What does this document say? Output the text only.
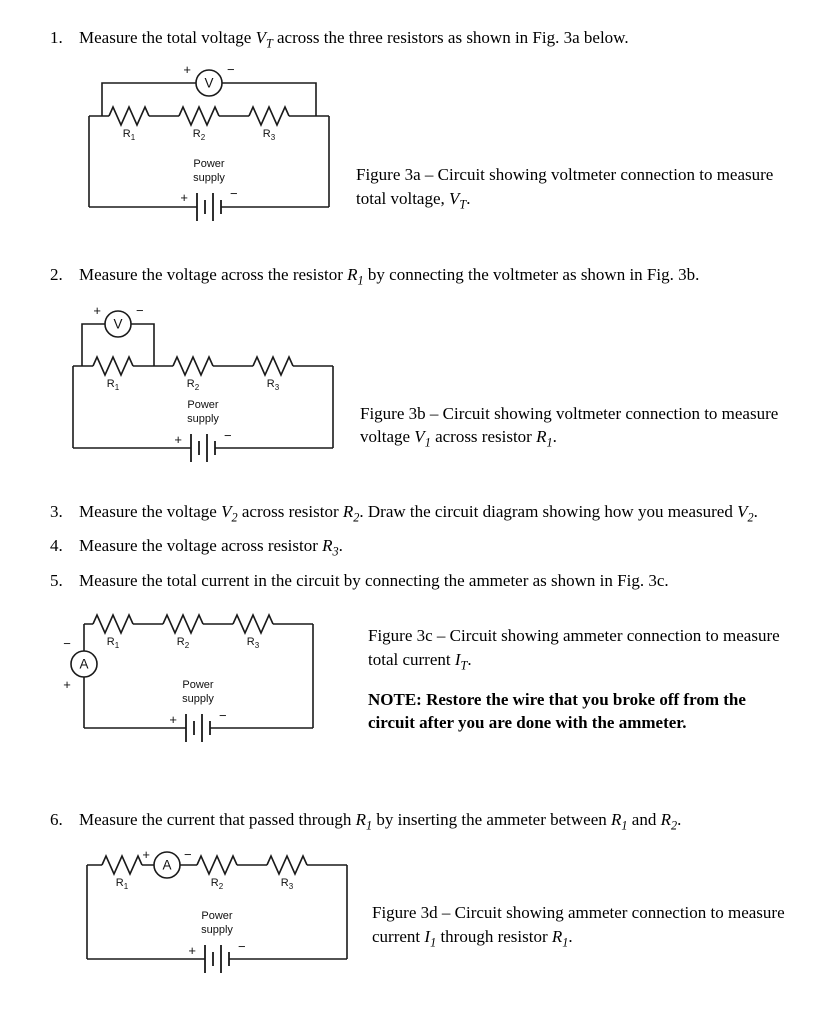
1. Measure the total voltage $V_T$ across the three resistors as shown in Fig. 3a below.
V
+	−
$R_1$	$R_2$	$R_3$
Power
supply
+	−

Figure 3a – Circuit showing voltmeter connection to measure total voltage, $V_T$.

2. Measure the voltage across the resistor $R_1$ by connecting the voltmeter as shown in Fig. 3b.
V
+	−
$R_1$	$R_2$	$R_3$
Power
supply
+	−

Figure 3b – Circuit showing voltmeter connection to measure voltage $V_1$ across resistor $R_1$.

3. Measure the voltage $V_2$ across resistor $R_2$. Draw the circuit diagram showing how you measured $V_2$.
4. Measure the voltage across resistor $R_3$.
5. Measure the total current in the circuit by connecting the ammeter as shown in Fig. 3c.
A
−
+
$R_1$	$R_2$	$R_3$
Power
supply
+	−

Figure 3c – Circuit showing ammeter connection to measure total current $I_T$.

NOTE: Restore the wire that you broke off from the circuit after you are done with the ammeter.

6. Measure the current that passed through $R_1$ by inserting the ammeter between $R_1$ and $R_2$.
A
+	−
$R_1$	$R_2$	$R_3$
Power
supply
+	−

Figure 3d – Circuit showing ammeter connection to measure current $I_1$ through resistor $R_1$.
